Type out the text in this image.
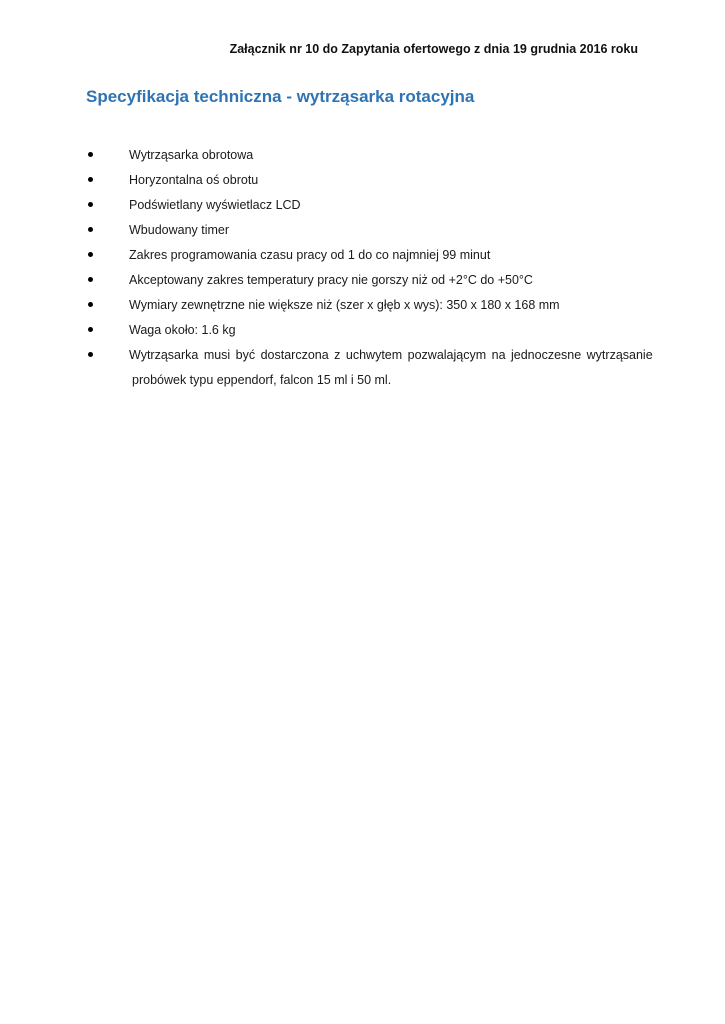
Załącznik nr 10 do Zapytania ofertowego z dnia 19 grudnia 2016 roku
Specyfikacja techniczna - wytrząsarka rotacyjna
Wytrząsarka obrotowa
Horyzontalna oś obrotu
Podświetlany wyświetlacz LCD
Wbudowany timer
Zakres programowania czasu pracy od 1 do co najmniej 99 minut
Akceptowany zakres temperatury pracy nie gorszy niż od +2°C do +50°C
Wymiary zewnętrzne nie większe niż (szer x głęb x wys): 350 x 180 x 168 mm
Waga około: 1.6 kg
Wytrząsarka musi być dostarczona z uchwytem pozwalającym na jednoczesne wytrząsanie
probówek typu eppendorf, falcon 15 ml i 50 ml.
